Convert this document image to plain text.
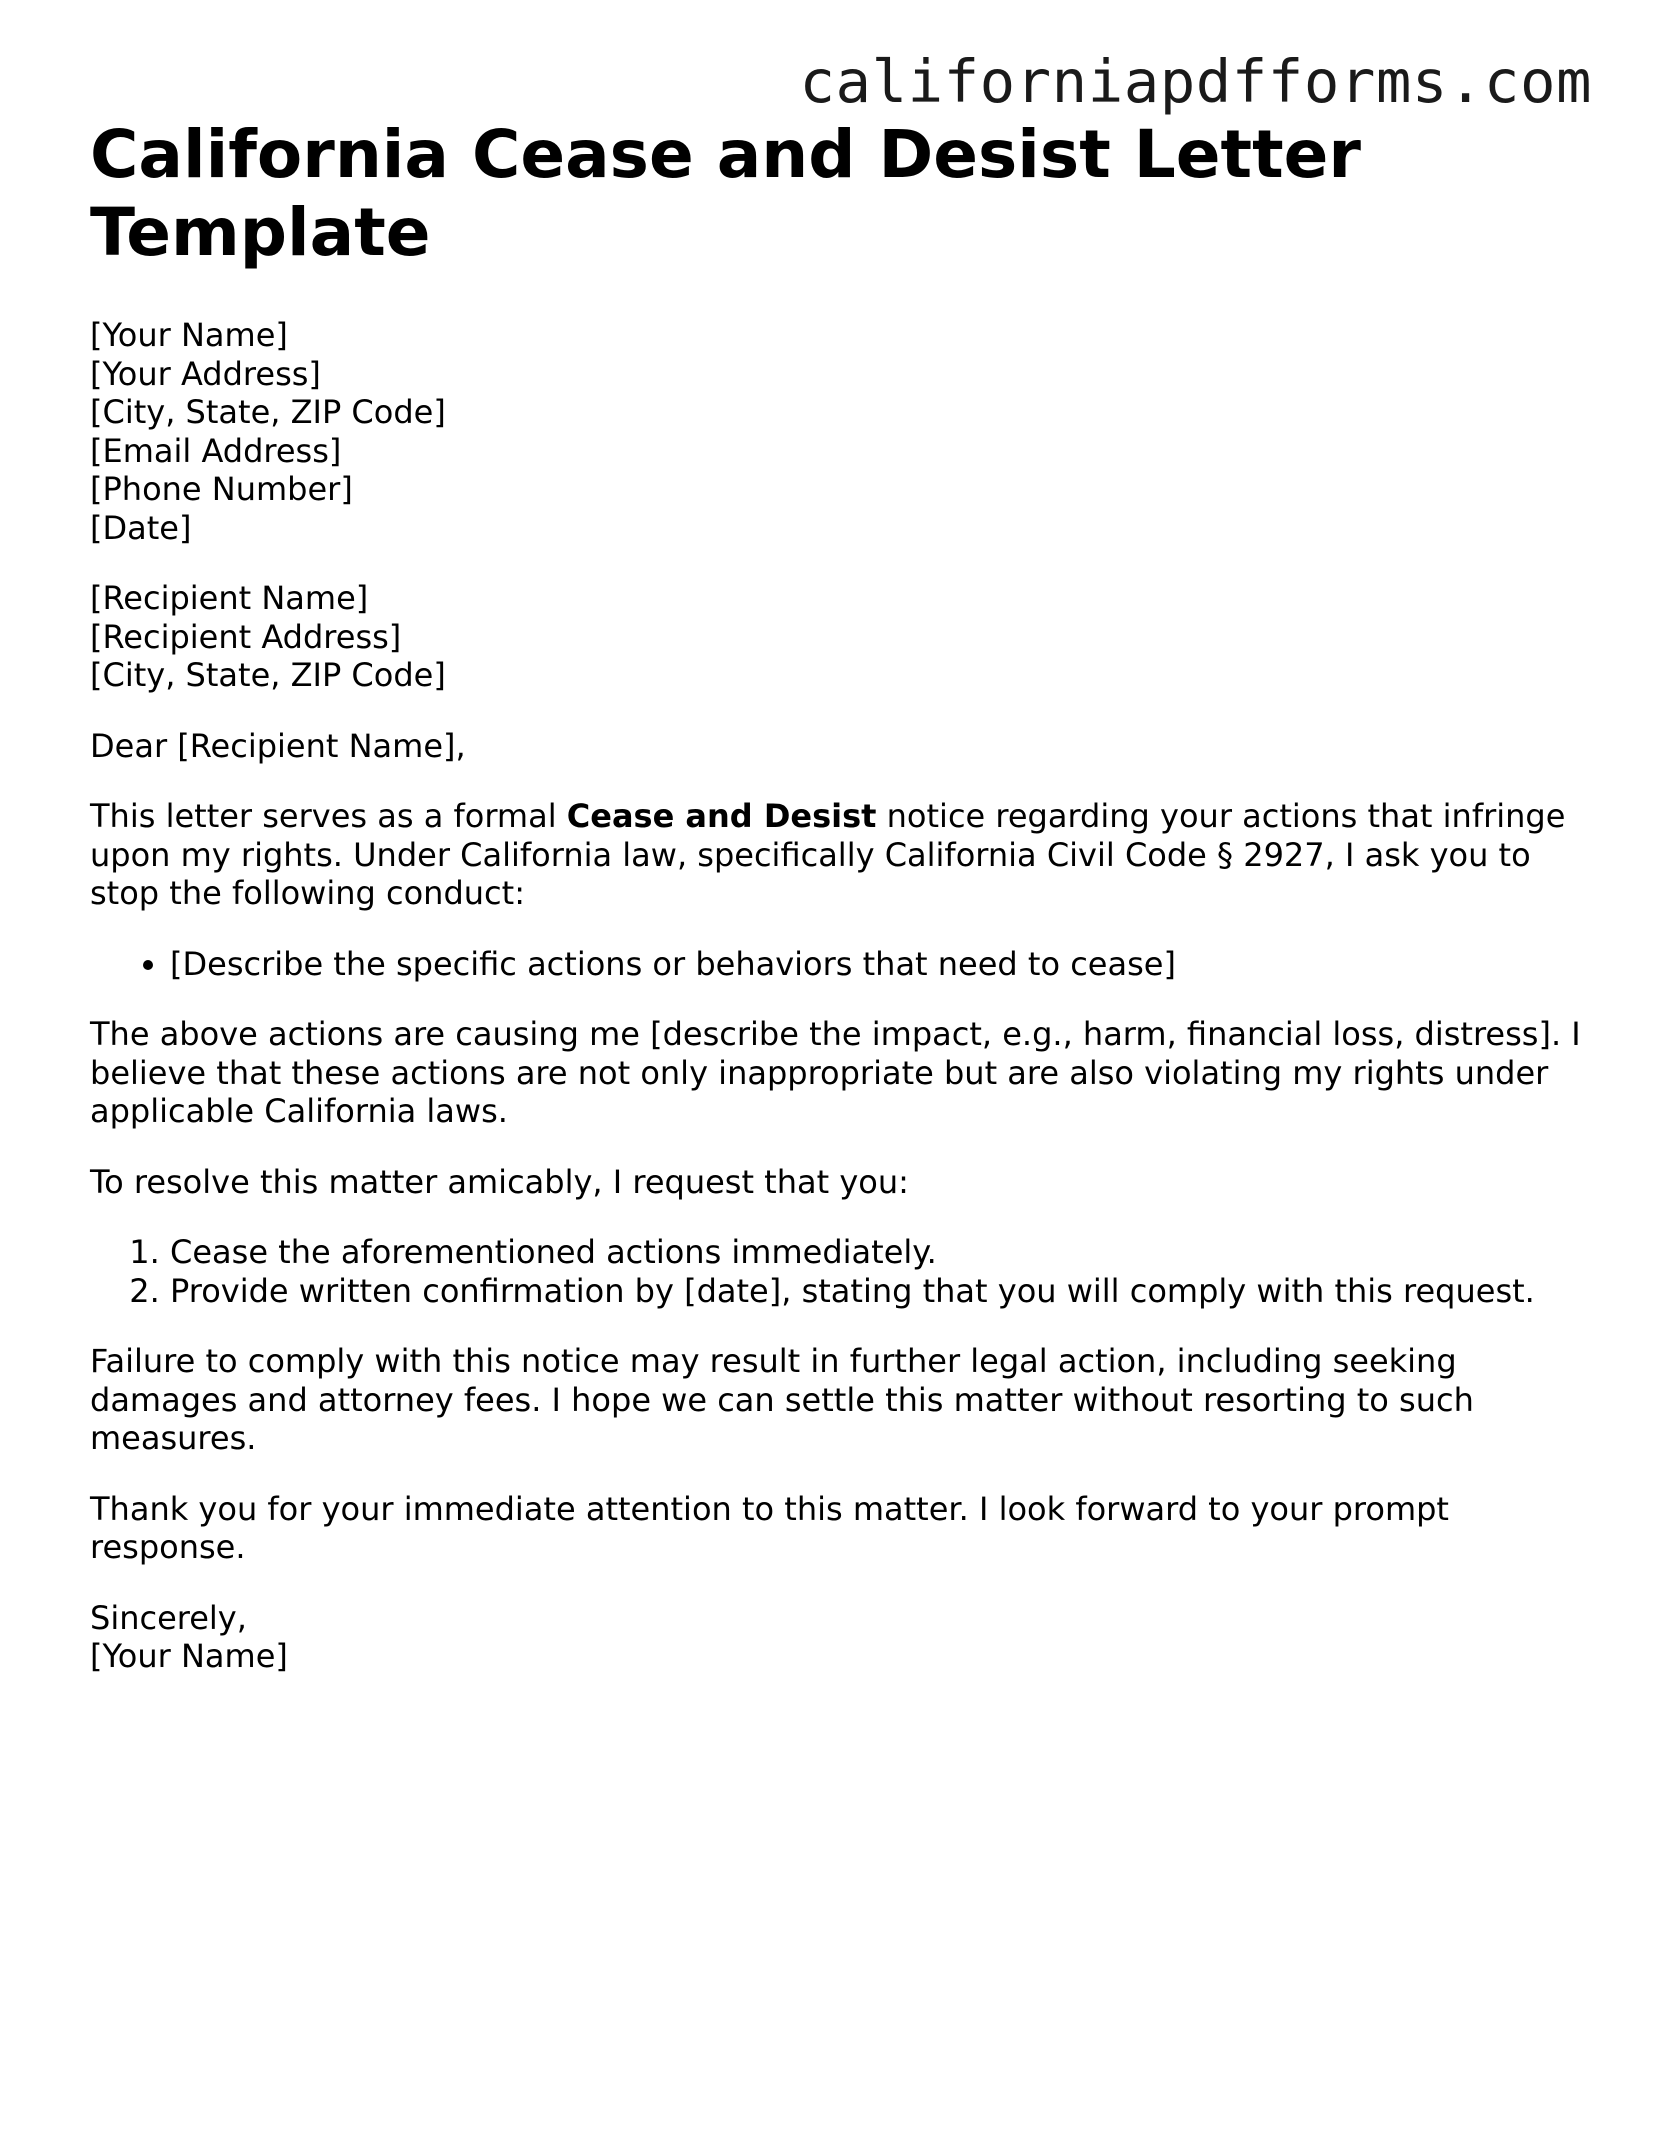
californiapdfforms.com
California Cease and Desist Letter Template

[Your Name]

[Your Address]

[City, State, ZIP Code]

[Email Address]

[Phone Number]

[Date]

[Recipient Name]

[Recipient Address]

[City, State, ZIP Code]

Dear [Recipient Name],

This letter serves as a formal Cease and Desist notice regarding your actions that infringe upon my rights. Under California law, specifically California Civil Code § 2927, I ask you to stop the following conduct:

• [Describe the specific actions or behaviors that need to cease]

The above actions are causing me [describe the impact, e.g., harm, financial loss, distress]. I believe that these actions are not only inappropriate but are also violating my rights under applicable California laws.

To resolve this matter amicably, I request that you:

1. Cease the aforementioned actions immediately.
2. Provide written confirmation by [date], stating that you will comply with this request.

Failure to comply with this notice may result in further legal action, including seeking damages and attorney fees. I hope we can settle this matter without resorting to such measures.

Thank you for your immediate attention to this matter. I look forward to your prompt response.

Sincerely,

[Your Name]
